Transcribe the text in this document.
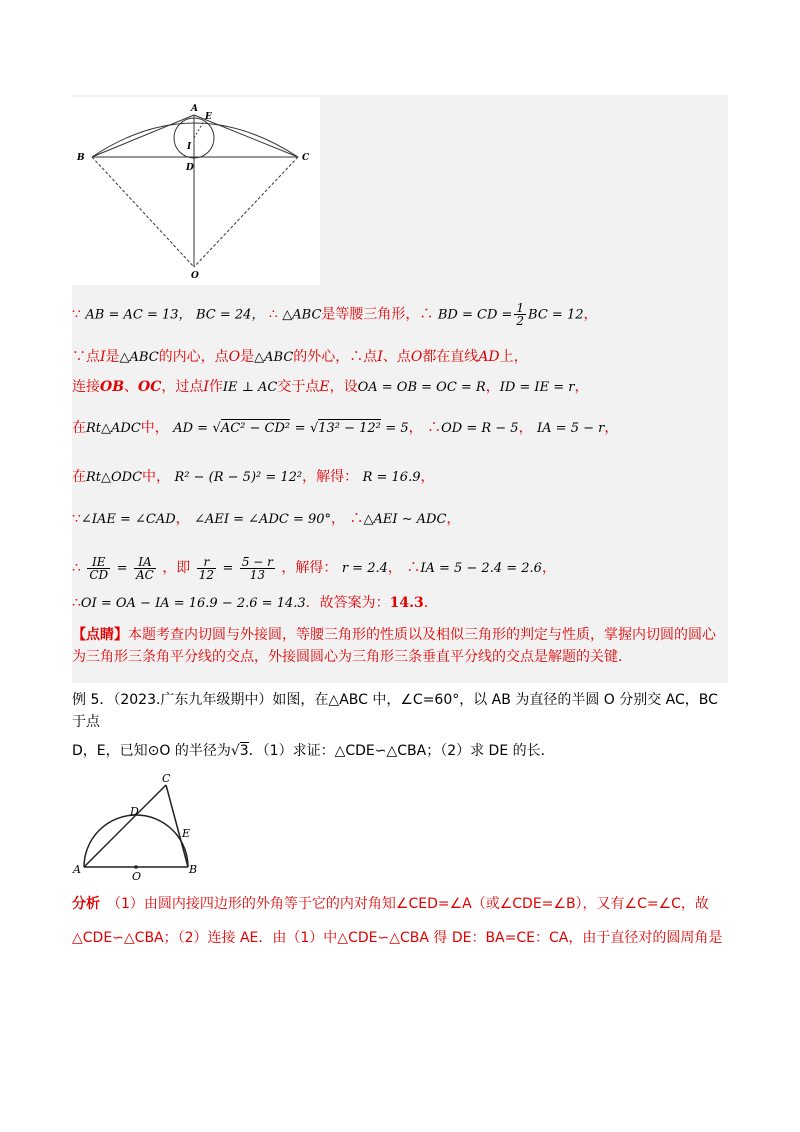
A
E
I
B
D
C
O
∵ AB = AC = 13， BC = 24， ∴ △ABC是等腰三角形，∴ BD = CD = $\frac{1}{2}$ BC = 12，
∵点I是△ABC的内心，点O是△ABC的外心，∴点I、点O都在直线AD上，
连接OB、OC，过点I作IE ⊥ AC交于点E，设OA = OB = OC = R，ID = IE = r，
在Rt△ADC中， AD = √AC² − CD² = √13² − 12² = 5， ∴OD = R − 5， IA = 5 − r，
在Rt△ODC中， R² − (R − 5)² = 12²，解得： R = 16.9，
∵∠IAE = ∠CAD， ∠AEI = ∠ADC = 90°， ∴△AEI ∼ ADC，
∴ $\frac{IE}{CD} = \frac{IA}{AC}$ ，即 $\frac{r}{12} = \frac{5 - r}{13}$ ，解得： r = 2.4， ∴IA = 5 − 2.4 = 2.6，
∴OI = OA − IA = 16.9 − 2.6 = 14.3．故答案为：14.3．
【点睛】本题考查内切圆与外接圆，等腰三角形的性质以及相似三角形的判定与性质，掌握内切圆的圆心为三角形三条角平分线的交点，外接圆圆心为三角形三条垂直平分线的交点是解题的关键．
例 5．（2023.广东九年级期中）如图，在△ABC 中，∠C=60°，以 AB 为直径的半圆 O 分别交 AC，BC 于点
D，E，已知⊙O 的半径为√3．（1）求证：△CDE∽△CBA；（2）求 DE 的长．
C
D
E
A
O
B
分析　 （1）由圆内接四边形的外角等于它的内对角知∠CED=∠A（或∠CDE=∠B），又有∠C=∠C，故
△CDE∽△CBA；（2）连接 AE．由（1）中△CDE∽△CBA 得 DE：BA=CE：CA，由于直径对的圆周角是
